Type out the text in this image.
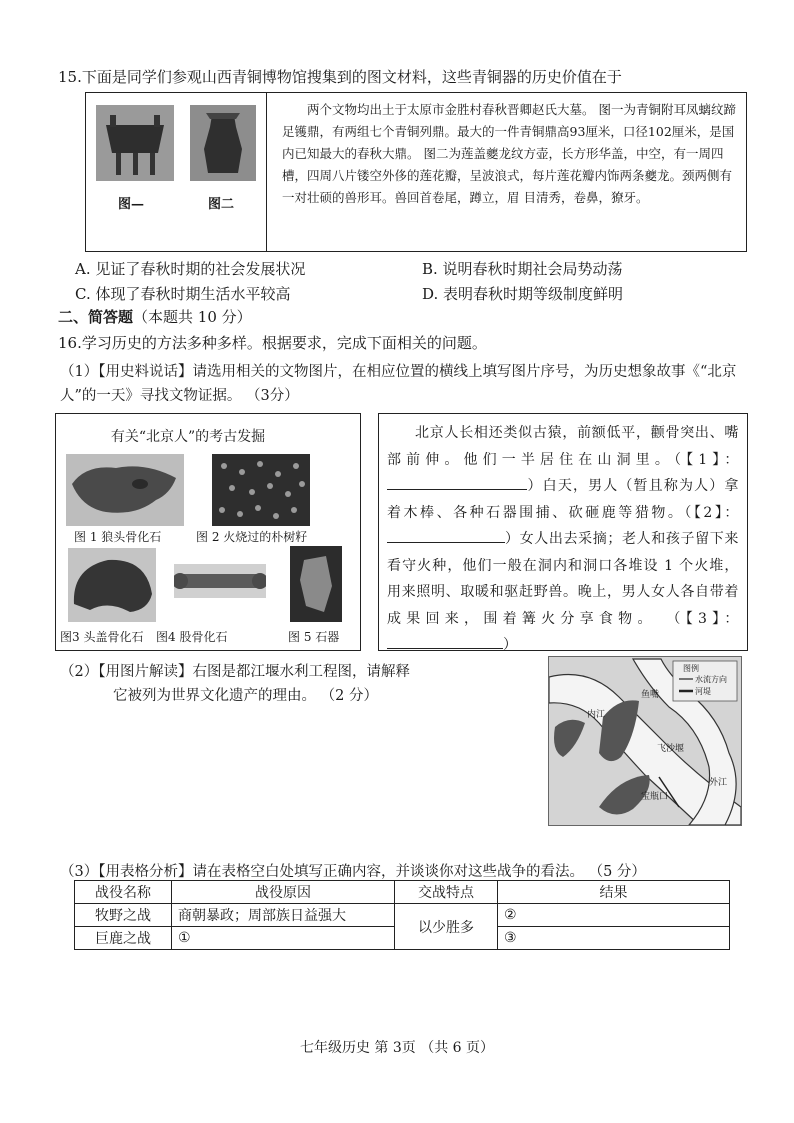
15.下面是同学们参观山西青铜博物馆搜集到的图文材料，这些青铜器的历史价值在于
图—	图二
两个文物均出土于太原市金胜村春秋晋卿赵氏大墓。 图一为青铜附耳凤螭纹蹄足镬鼎，有两组七个青铜列鼎。最大的一件青铜鼎高93厘米，口径102厘米，是国内已知最大的春秋大鼎。 图二为莲盖夔龙纹方壶，长方形华盖，中空，有一周四槽，四周八片镂空外侈的莲花瓣，呈波浪式，每片莲花瓣内饰两条夔龙。颈两侧有一对壮硕的兽形耳。兽回首卷尾，蹲立，眉 目清秀，卷鼻，獠牙。
A. 见证了春秋时期的社会发展状况	B. 说明春秋时期社会局势动荡
C. 体现了春秋时期生活水平较高	D. 表明春秋时期等级制度鲜明
二、简答题（本题共 10 分）
16.学习历史的方法多种多样。根据要求，完成下面相关的问题。
（1）【用史料说话】请选用相关的文物图片，在相应位置的横线上填写图片序号，为历史想象故事《“北京人”的一天》寻找文物证据。 （3分）
有关“北京人”的考古发掘
图 1 狼头骨化石	图 2 火烧过的朴树籽
图3 头盖骨化石 图4 股骨化石	图 5 石器
北京人长相还类似古猿，前额低平，颧骨突出、嘴部前伸。他们一半居住在山洞里。（【1】：）白天，男人（暂且称为人）拿着木棒、各种石器围捕、砍砸鹿等猎物。（【2】：）女人出去采摘；老人和孩子留下来看守火种，他们一般在洞内和洞口各堆设 1 个火堆，用来照明、取暖和驱赶野兽。晚上，男人女人各自带着成果回来，围着篝火分享食物。 （【3】：）
（2）【用图片解读】右图是都江堰水利工程图，请解释
它被列为世界文化遗产的理由。 （2 分）
图例
水流方向
河堤
内江
鱼嘴
飞沙堰
宝瓶口
外江
（3）【用表格分析】请在表格空白处填写正确内容，并谈谈你对这些战争的看法。 （5 分）
战役名称	战役原因	交战特点	结果
牧野之战	商朝暴政；周部族日益强大	以少胜多	②
巨鹿之战	①		③
七年级历史 第 3页 （共 6 页）
